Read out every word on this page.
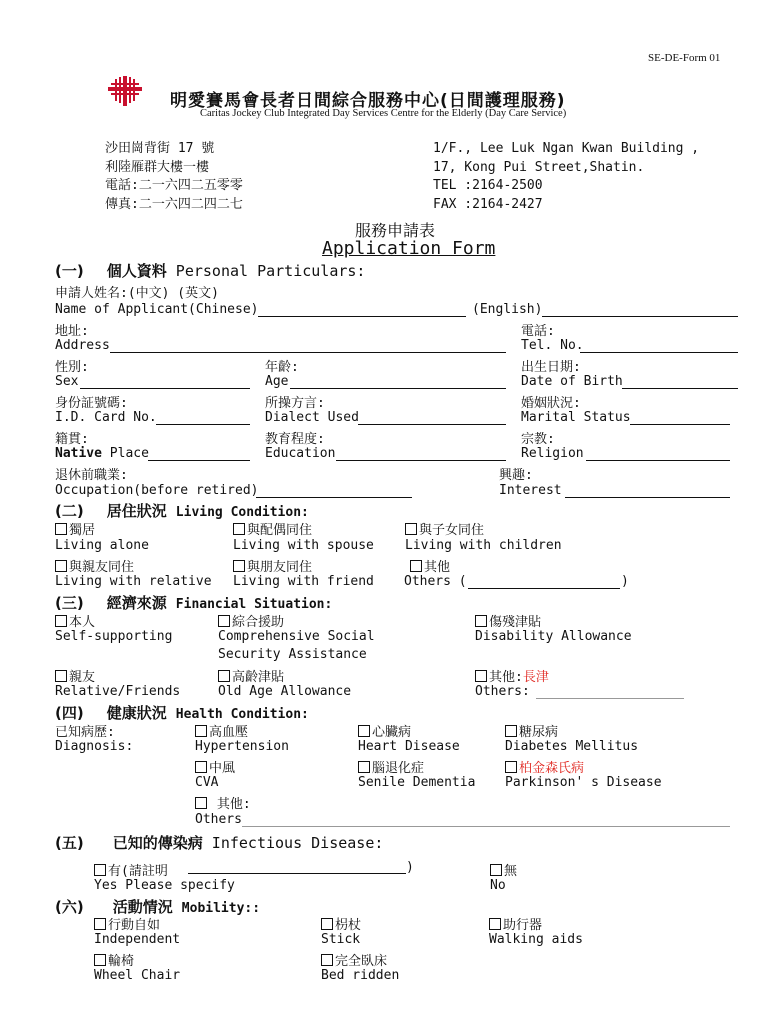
SE-DE-Form 01
明愛賽馬會長者日間綜合服務中心(日間護理服務)
Caritas Jockey Club Integrated Day Services Centre for the Elderly (Day Care Service)
沙田崗背街 17 號
利陸雁群大樓一樓
電話:二一六四二五零零
傳真:二一六四二四二七
1/F., Lee Luk Ngan Kwan Building ,
17, Kong Pui Street,Shatin.
TEL :2164-2500
FAX :2164-2427
服務申請表
Application Form
(一) 個人資料 Personal Particulars:
申請人姓名:(中文) (英文)
Name of Applicant(Chinese)	(English)
地址:
Address
電話:
Tel. No.
性別:
Sex
年齡:
Age
出生日期:
Date of Birth
身份証號碼:
I.D. Card No.
所操方言:
Dialect Used
婚姻狀況:
Marital Status
籍貫:
Native Place
教育程度:
Education
宗教:
Religion
退休前職業:
Occupation(before retired)
興趣:
Interest
(二) 居住狀況 Living Condition:
獨居
Living alone
與配偶同住
Living with spouse
與子女同住
Living with children
與親友同住
Living with relative
與朋友同住
Living with friend
其他
Others (	)
(三) 經濟來源 Financial Situation:
本人
Self-supporting
綜合援助
Comprehensive Social
Security Assistance
傷殘津貼
Disability Allowance
親友
Relative/Friends
高齡津貼
Old Age Allowance
其他:長津
Others:
(四) 健康狀況 Health Condition:
已知病歷:
Diagnosis:
高血壓
Hypertension
心臟病
Heart Disease
糖尿病
Diabetes Mellitus
中風
CVA
腦退化症
Senile Dementia
柏金森氏病
Parkinson' s Disease
其他:
Others
(五) 已知的傳染病 Infectious Disease:
有(請註明	)
Yes Please specify
無
No
(六) 活動情況 Mobility::
行動自如
Independent
枴杖
Stick
助行器
Walking aids
輪椅
Wheel Chair
完全臥床
Bed ridden
